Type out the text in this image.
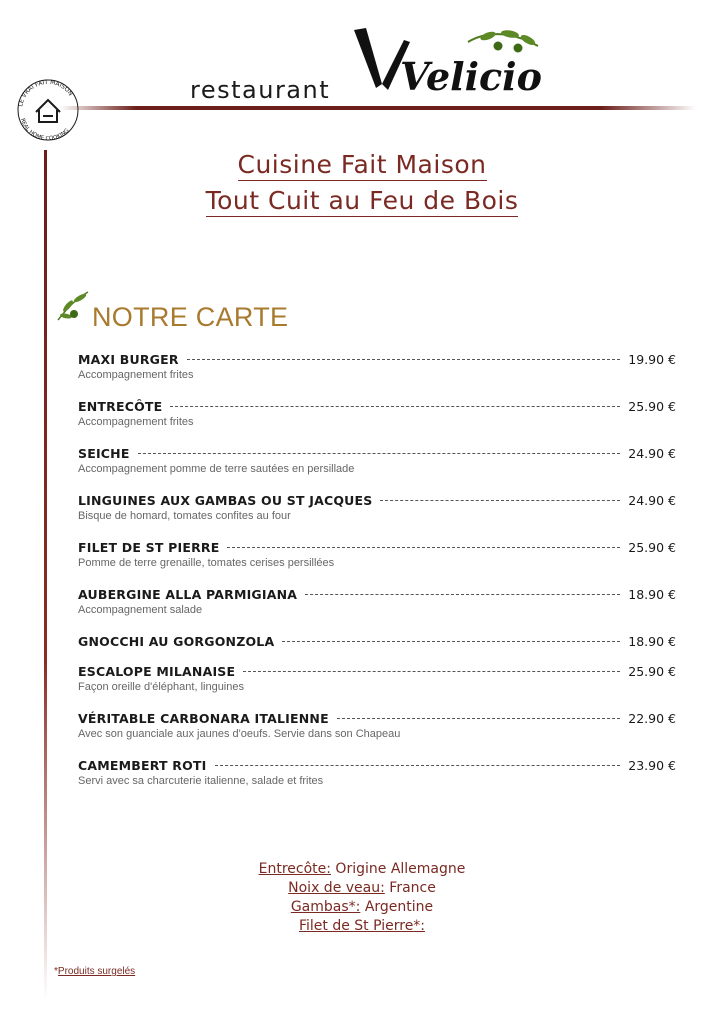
LE VRAI FAIT MAISON
REAL HOME COOKING
restaurant Velicio
Cuisine Fait Maison
Tout Cuit au Feu de Bois
NOTRE CARTE
MAXI BURGER	19.90 €
Accompagnement frites
ENTRECÔTE	25.90 €
Accompagnement frites
SEICHE	24.90 €
Accompagnement pomme de terre sautées en persillade
LINGUINES AUX GAMBAS OU ST JACQUES	24.90 €
Bisque de homard, tomates confites au four
FILET DE ST PIERRE	25.90 €
Pomme de terre grenaille, tomates cerises persillées
AUBERGINE ALLA PARMIGIANA	18.90 €
Accompagnement salade
GNOCCHI AU GORGONZOLA	18.90 €
ESCALOPE MILANAISE	25.90 €
Façon oreille d'éléphant, linguines
VÉRITABLE CARBONARA ITALIENNE	22.90 €
Avec son guanciale aux jaunes d'oeufs. Servie dans son Chapeau
CAMEMBERT ROTI	23.90 €
Servi avec sa charcuterie italienne, salade et frites
Entrecôte: Origine Allemagne
Noix de veau: France
Gambas*: Argentine
Filet de St Pierre*:
*Produits surgelés
